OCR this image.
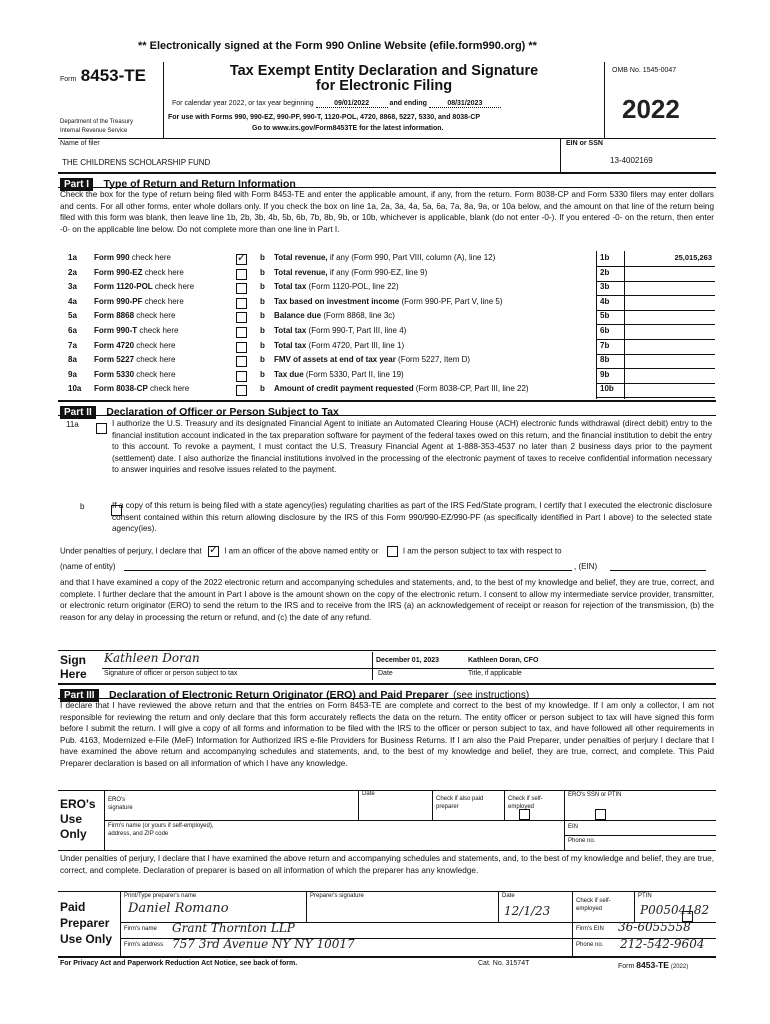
** Electronically signed at the Form 990 Online Website (efile.form990.org) **
Form 8453-TE	Tax Exempt Entity Declaration and Signature
for Electronic Filing
OMB No. 1545-0047
2022
For calendar year 2022, or tax year beginning	09/01/2022	and ending	08/31/2023
For use with Forms 990, 990-EZ, 990-PF, 990-T, 1120-POL, 4720, 8868, 5227, 5330, and 8038-CP
Go to www.irs.gov/Form8453TE for the latest information.
Department of the Treasury
Internal Revenue Service
Name of filer	EIN or SSN
THE CHILDRENS SCHOLARSHIP FUND	13-4002169
Part I Type of Return and Return Information
Check the box for the type of return being filed with Form 8453-TE and enter the applicable amount, if any, from the return. Form 8038-CP and Form 5330 filers may enter dollars and cents. For all other forms, enter whole dollars only. If you check the box on line 1a, 2a, 3a, 4a, 5a, 6a, 7a, 8a, 9a, or 10a below, and the amount on that line of the return being filed with this form was blank, then leave line 1b, 2b, 3b, 4b, 5b, 6b, 7b, 8b, 9b, or 10b, whichever is applicable, blank (do not enter -0-). If you entered -0- on the return, then enter -0- on the applicable line below. Do not complete more than one line in Part I.
1a Form 990 check here	✓ b Total revenue, if any (Form 990, Part VIII, column (A), line 12)	1b	25,015,263
2a Form 990-EZ check here	b Total revenue, if any (Form 990-EZ, line 9)	2b
3a Form 1120-POL check here	b Total tax (Form 1120-POL, line 22)	3b
4a Form 990-PF check here	b Tax based on investment income (Form 990-PF, Part V, line 5)	4b
5a Form 8868 check here	b Balance due (Form 8868, line 3c)	5b
6a Form 990-T check here	b Total tax (Form 990-T, Part III, line 4)	6b
7a Form 4720 check here	b Total tax (Form 4720, Part III, line 1)	7b
8a Form 5227 check here	b FMV of assets at end of tax year (Form 5227, Item D)	8b
9a Form 5330 check here	b Tax due (Form 5330, Part II, line 19)	9b
10a Form 8038-CP check here	b Amount of credit payment requested (Form 8038-CP, Part III, line 22)	10b
Part II Declaration of Officer or Person Subject to Tax
11a
	I authorize the U.S. Treasury and its designated Financial Agent to initiate an Automated Clearing House (ACH) electronic funds withdrawal (direct debit) entry to the financial institution account indicated in the tax preparation software for payment of the federal taxes owed on this return, and the financial institution to debit the entry to this account. To revoke a payment, I must contact the U.S. Treasury Financial Agent at 1-888-353-4537 no later than 2 business days prior to the payment (settlement) date. I also authorize the financial institutions involved in the processing of the electronic payment of taxes to receive confidential information necessary to answer inquiries and resolve issues related to the payment.
b
	If a copy of this return is being filed with a state agency(ies) regulating charities as part of the IRS Fed/State program, I certify that I executed the electronic disclosure consent contained within this return allowing disclosure by the IRS of this Form 990/990-EZ/990-PF (as specifically identified in Part I above) to the selected state agency(ies).
Under penalties of perjury, I declare that ✓ I am an officer of the above named entity or	I am the person subject to tax with respect to
(name of entity)	, (EIN)
and that I have examined a copy of the 2022 electronic return and accompanying schedules and statements, and, to the best of my knowledge and belief, they are true, correct, and complete. I further declare that the amount in Part I above is the amount shown on the copy of the electronic return. I consent to allow my intermediate service provider, transmitter, or electronic return originator (ERO) to send the return to the IRS and to receive from the IRS (a) an acknowledgement of receipt or reason for rejection of the transmission, (b) the reason for any delay in processing the return or refund, and (c) the date of any refund.
Sign
Here
Kathleen Doran	December 01, 2023	Kathleen Doran, CFO
Signature of officer or person subject to tax	Date	Title, if applicable
Part III Declaration of Electronic Return Originator (ERO) and Paid Preparer (see instructions)
I declare that I have reviewed the above return and that the entries on Form 8453-TE are complete and correct to the best of my knowledge. If I am only a collector, I am not responsible for reviewing the return and only declare that this form accurately reflects the data on the return. The entity officer or person subject to tax will have signed this form before I submit the return. I will give a copy of all forms and information to be filed with the IRS to the officer or person subject to tax, and have followed all other requirements in Pub. 4163, Modernized e-File (MeF) Information for Authorized IRS e-file Providers for Business Returns. If I am also the Paid Preparer, under penalties of perjury I declare that I have examined the above return and accompanying schedules and statements, and, to the best of my knowledge and belief, they are true, correct, and complete. This Paid Preparer declaration is based on all information of which I have any knowledge.
ERO's
Use
Only
ERO's signature
Date
Check if also paid preparer

Check if self-employed

ERO's SSN or PTIN
Firm's name (or yours if self-employed), address, and ZIP code
EIN
Phone no.
Under penalties of perjury, I declare that I have examined the above return and accompanying schedules and statements, and, to the best of my knowledge and belief, they are true, correct, and complete. Declaration of preparer is based on all information of which the preparer has any knowledge.
Paid
Preparer
Use Only
Print/Type preparer's name
Daniel Romano
Preparer's signature	Date
12/1/23
Check if self-employed
PTIN
P00504182
Firm's name Grant Thornton LLP	Firm's EIN 36-6055558
Firm's address 757 3rd Avenue NY NY 10017	Phone no. 212-542-9604
For Privacy Act and Paperwork Reduction Act Notice, see back of form.	Cat. No. 31574T	Form 8453-TE (2022)
